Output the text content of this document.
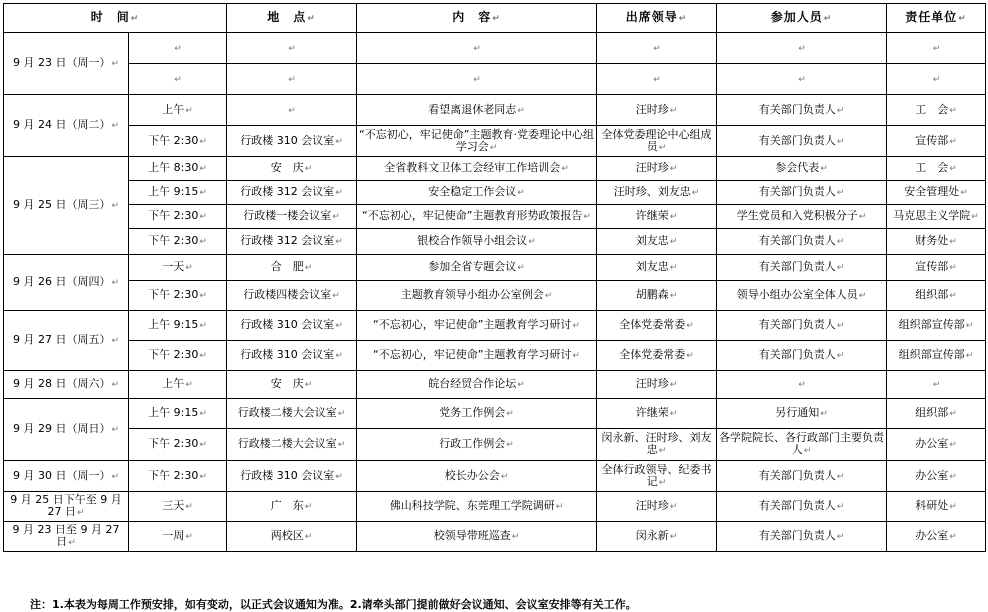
时　间↵		地　点↵	内　容↵	出席领导↵	参加人员↵	责任单位↵
9 月 23 日（周一）↵	↵	↵	↵	↵	↵	↵
	↵	↵	↵	↵	↵	↵
9 月 24 日（周二）↵	上午↵	↵	看望离退休老同志↵	汪时珍↵	有关部门负责人↵	工　会↵
	下午 2:30↵	行政楼 310 会议室↵	“不忘初心，牢记使命”主题教育·党委理论中心组学习会↵	全体党委理论中心组成员↵	有关部门负责人↵	宣传部↵
9 月 25 日（周三）↵	上午 8:30↵	安　庆↵	全省教科文卫体工会经审工作培训会↵	汪时珍↵	参会代表↵	工　会↵
	上午 9:15↵	行政楼 312 会议室↵	安全稳定工作会议↵	汪时珍、刘友忠↵	有关部门负责人↵	安全管理处↵
	下午 2:30↵	行政楼一楼会议室↵	“不忘初心，牢记使命”主题教育形势政策报告↵	许继荣↵	学生党员和入党积极分子↵	马克思主义学院↵
	下午 2:30↵	行政楼 312 会议室↵	银校合作领导小组会议↵	刘友忠↵	有关部门负责人↵	财务处↵
9 月 26 日（周四）↵	一天↵	合　肥↵	参加全省专题会议↵	刘友忠↵	有关部门负责人↵	宣传部↵
	下午 2:30↵	行政楼四楼会议室↵	主题教育领导小组办公室例会↵	胡鹏森↵	领导小组办公室全体人员↵	组织部↵
9 月 27 日（周五）↵	上午 9:15↵	行政楼 310 会议室↵	“不忘初心，牢记使命”主题教育学习研讨↵	全体党委常委↵	有关部门负责人↵	组织部宣传部↵
	下午 2:30↵	行政楼 310 会议室↵	“不忘初心，牢记使命”主题教育学习研讨↵	全体党委常委↵	有关部门负责人↵	组织部宣传部↵
9 月 28 日（周六）↵	上午↵	安　庆↵	皖台经贸合作论坛↵	汪时珍↵	↵	↵
9 月 29 日（周日）↵	上午 9:15↵	行政楼二楼大会议室↵	党务工作例会↵	许继荣↵	另行通知↵	组织部↵
	下午 2:30↵	行政楼二楼大会议室↵	行政工作例会↵	闵永新、汪时珍、刘友忠↵	各学院院长、各行政部门主要负责人↵	办公室↵
9 月 30 日（周一）↵	下午 2:30↵	行政楼 310 会议室↵	校长办公会↵	全体行政领导、纪委书记↵	有关部门负责人↵	办公室↵
9 月 25 日下午至 9 月 27 日↵	三天↵	广　东↵	佛山科技学院、东莞理工学院调研↵	汪时珍↵	有关部门负责人↵	科研处↵
9 月 23 日至 9 月 27 日↵	一周↵	两校区↵	校领导带班巡查↵	闵永新↵	有关部门负责人↵	办公室↵
注：1.本表为每周工作预安排，如有变动，以正式会议通知为准。2.请牵头部门提前做好会议通知、会议室安排等有关工作。
